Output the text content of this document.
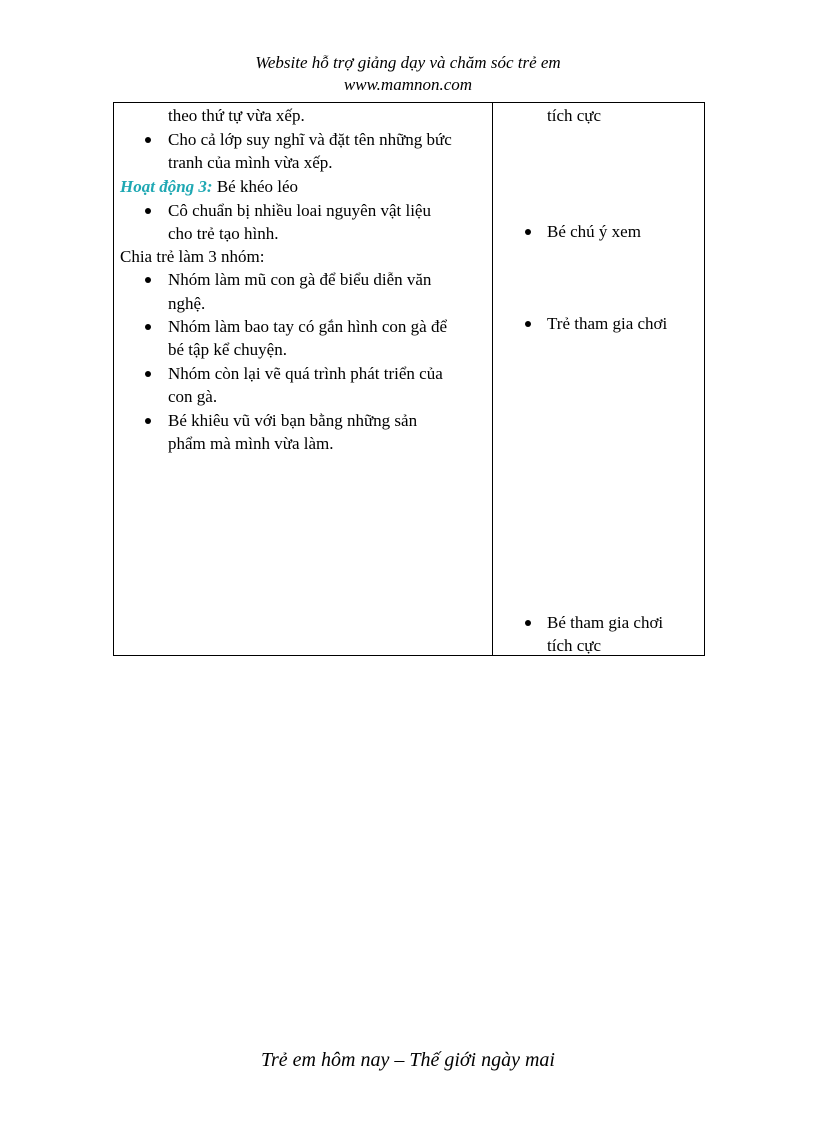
Website hỗ trợ giảng dạy và chăm sóc trẻ em
www.mamnon.com
theo thứ tự vừa xếp.
Cho cả lớp suy nghĩ và đặt tên những bức
tranh của mình vừa xếp.
Hoạt động 3: Bé khéo léo
Cô chuẩn bị nhiều loai nguyên vật liệu
cho trẻ tạo hình.
Chia trẻ làm 3 nhóm:
Nhóm làm mũ con gà để biểu diễn văn
nghệ.
Nhóm làm bao tay có gắn hình con gà để
bé tập kể chuyện.
Nhóm còn lại vẽ quá trình phát triển của
con gà.
Bé khiêu vũ với bạn bằng những sản
phẩm mà mình vừa làm.
tích cực
Bé chú ý xem
Trẻ tham gia chơi
Bé tham gia chơi
tích cực
Trẻ em hôm nay – Thế giới ngày mai
